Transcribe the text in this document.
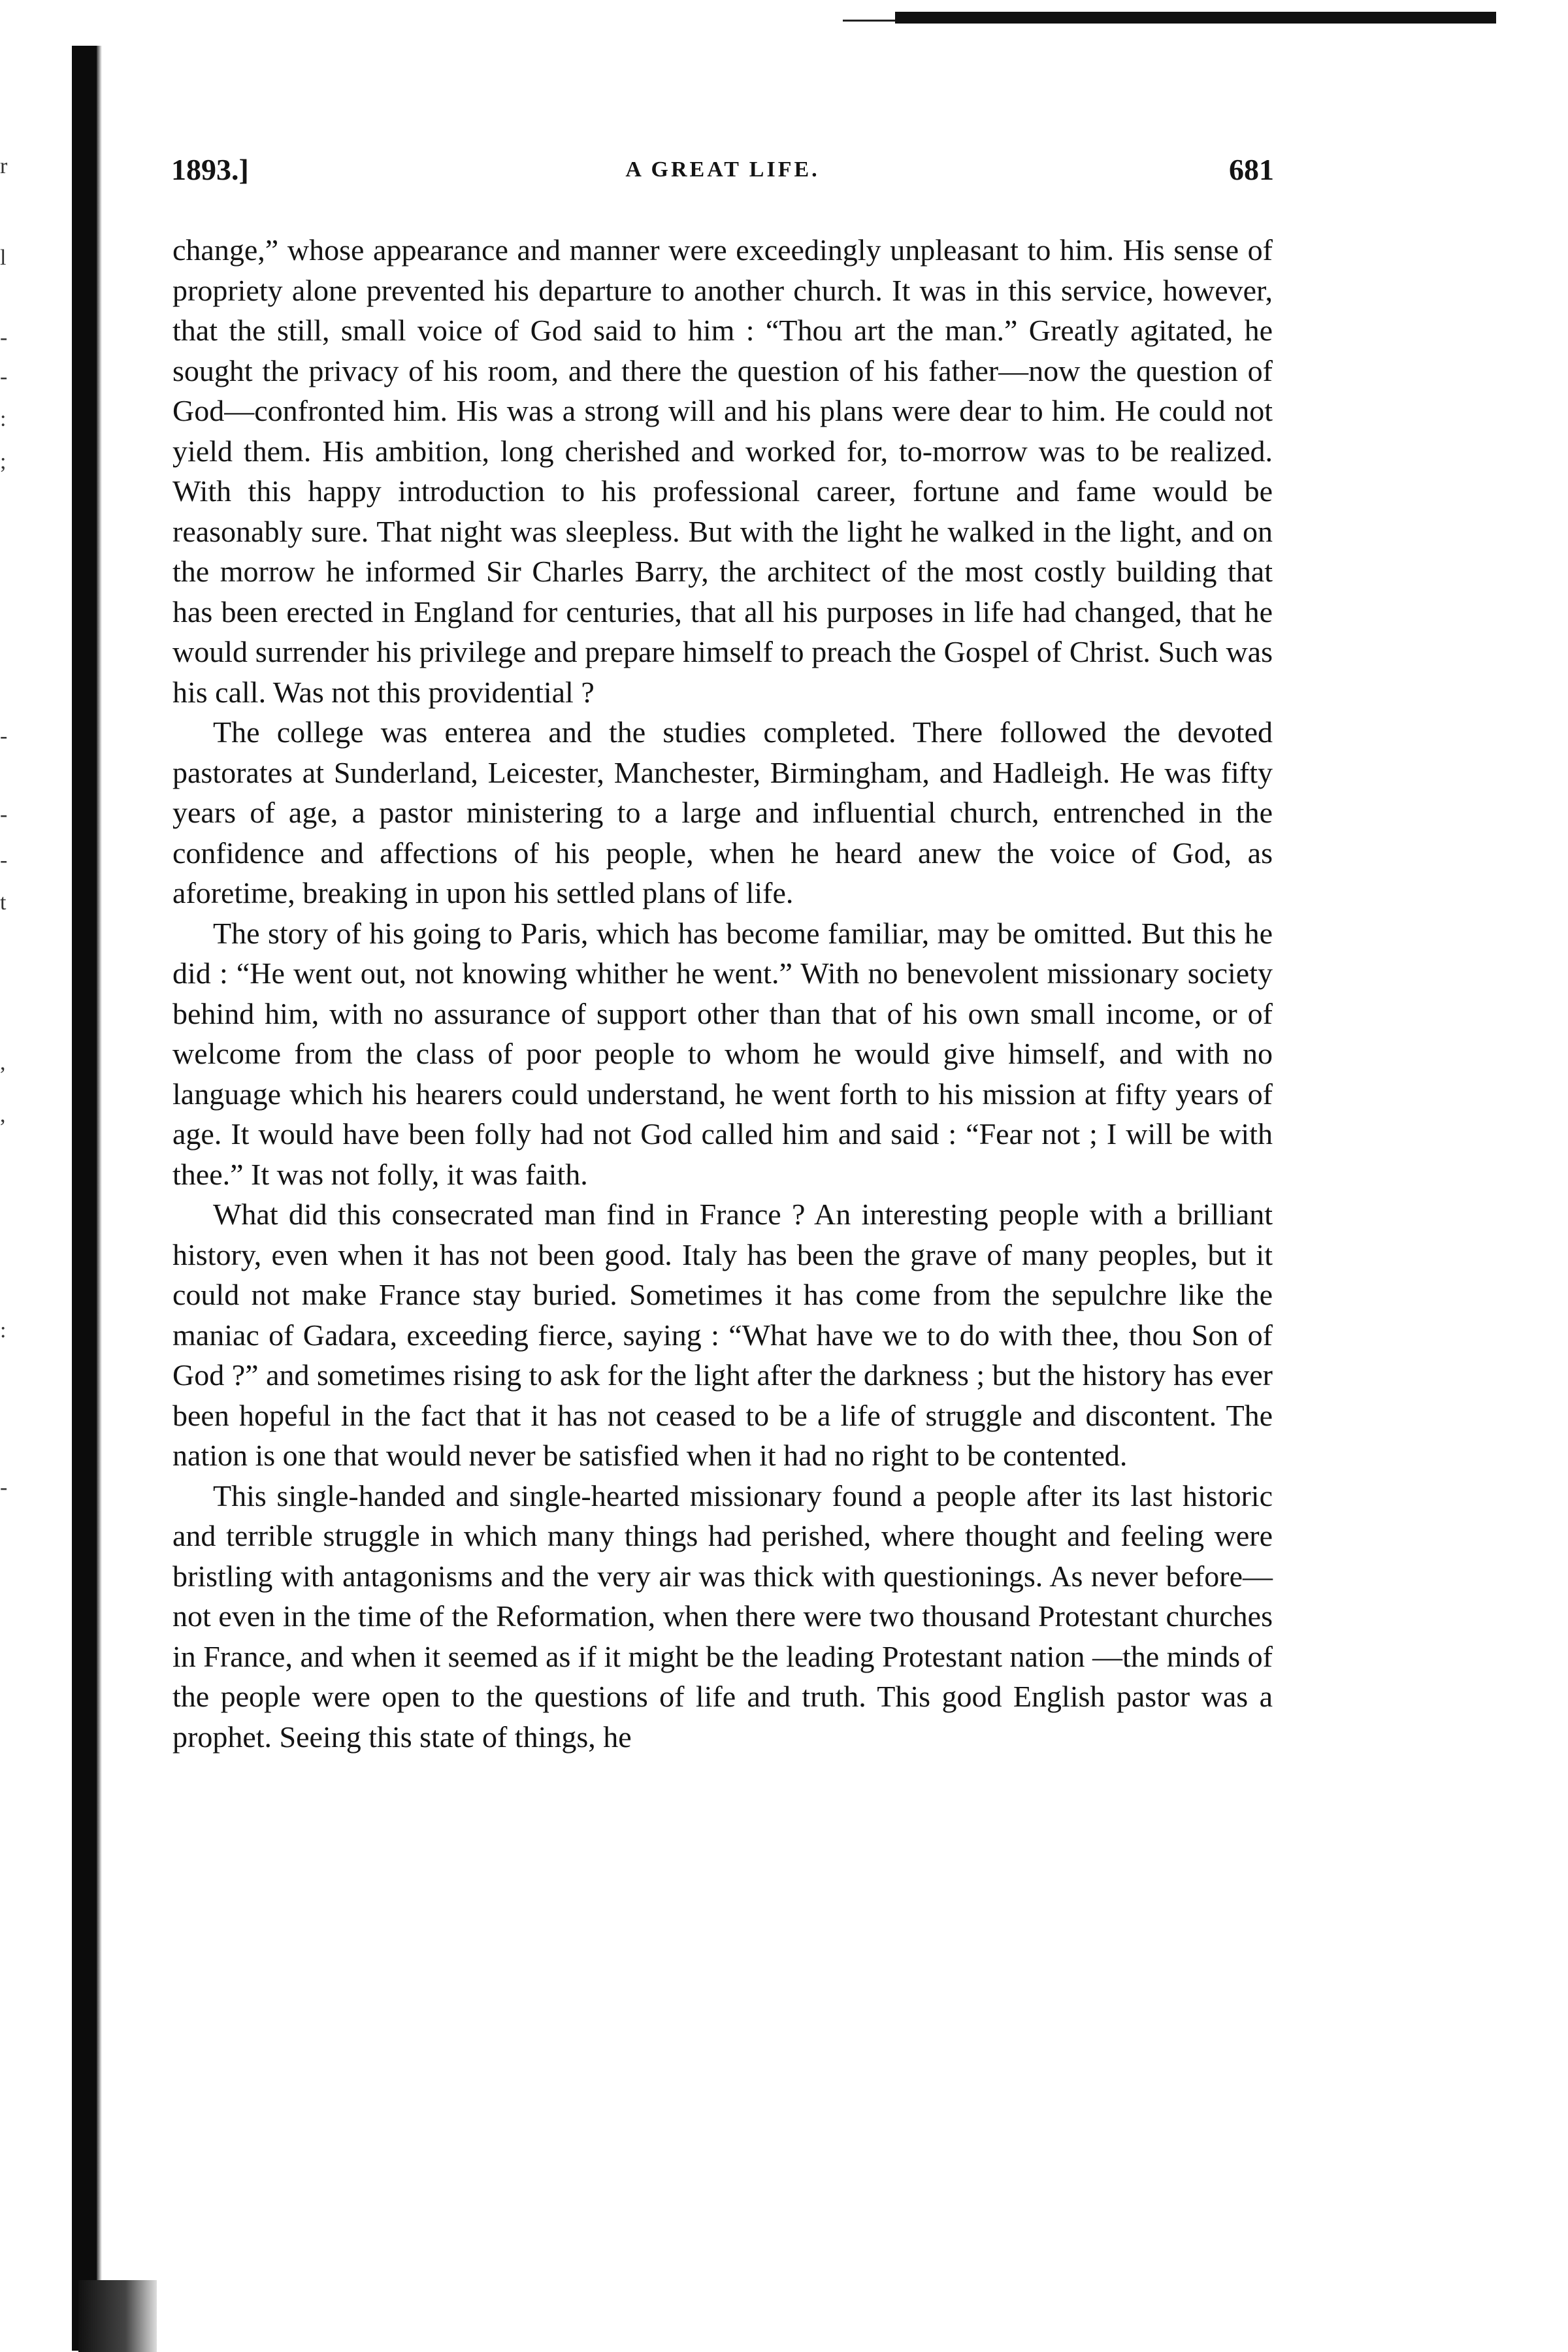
r
l
-
-
:
;
-
-
-
t
,
,
:
-
1893.]	A GREAT LIFE.	681

change,” whose appearance and manner were exceedingly unpleasant to him. His sense of propriety alone prevented his departure to another church. It was in this service, however, that the still, small voice of God said to him : “Thou art the man.” Greatly agitated, he sought the privacy of his room, and there the question of his father—now the question of God—confronted him. His was a strong will and his plans were dear to him. He could not yield them. His ambition, long cherished and worked for, to-morrow was to be realized. With this happy introduction to his professional career, fortune and fame would be reasonably sure. That night was sleepless. But with the light he walked in the light, and on the morrow he informed Sir Charles Barry, the architect of the most costly building that has been erected in England for centuries, that all his purposes in life had changed, that he would surrender his privilege and prepare himself to preach the Gospel of Christ. Such was his call. Was not this providential ?

The college was enterea and the studies completed. There followed the devoted pastorates at Sunderland, Leicester, Manchester, Birmingham, and Hadleigh. He was fifty years of age, a pastor ministering to a large and influential church, entrenched in the confidence and affections of his people, when he heard anew the voice of God, as aforetime, breaking in upon his settled plans of life.

The story of his going to Paris, which has become familiar, may be omitted. But this he did : “He went out, not knowing whither he went.” With no benevolent missionary society behind him, with no assurance of support other than that of his own small income, or of welcome from the class of poor people to whom he would give himself, and with no language which his hearers could understand, he went forth to his mission at fifty years of age. It would have been folly had not God called him and said : “Fear not ; I will be with thee.” It was not folly, it was faith.

What did this consecrated man find in France ? An interesting people with a brilliant history, even when it has not been good. Italy has been the grave of many peoples, but it could not make France stay buried. Sometimes it has come from the sepulchre like the maniac of Gadara, exceeding fierce, saying : “What have we to do with thee, thou Son of God ?” and sometimes rising to ask for the light after the darkness ; but the history has ever been hopeful in the fact that it has not ceased to be a life of struggle and discontent. The nation is one that would never be satisfied when it had no right to be contented.

This single-handed and single-hearted missionary found a people after its last historic and terrible struggle in which many things had perished, where thought and feeling were bristling with antagonisms and the very air was thick with questionings. As never before—not even in the time of the Reformation, when there were two thousand Protestant churches in France, and when it seemed as if it might be the leading Protestant nation —the minds of the people were open to the questions of life and truth. This good English pastor was a prophet. Seeing this state of things, he
